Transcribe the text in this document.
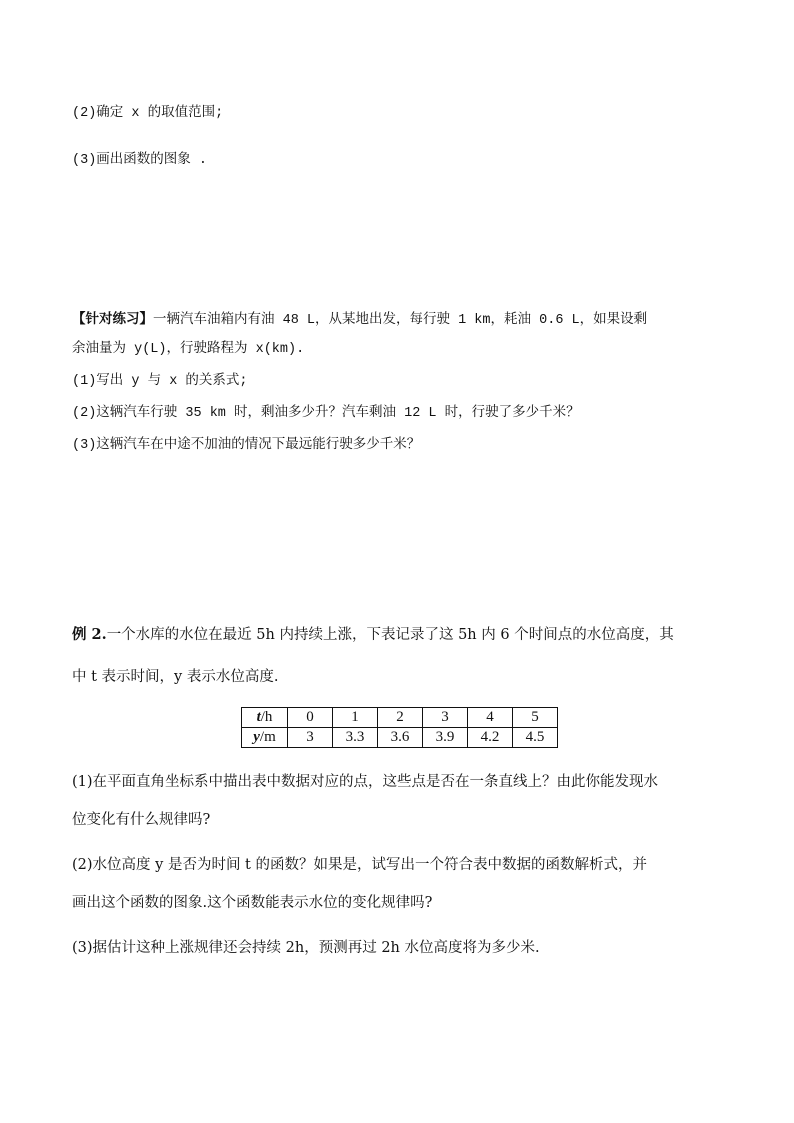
(2)确定 x 的取值范围;
(3)画出函数的图象 .
【针对练习】一辆汽车油箱内有油 48 L，从某地出发，每行驶 1 km，耗油 0.6 L，如果设剩
余油量为 y(L)，行驶路程为 x(km).
(1)写出 y 与 x 的关系式;
(2)这辆汽车行驶 35 km 时，剩油多少升？汽车剩油 12 L 时，行驶了多少千米？
(3)这辆汽车在中途不加油的情况下最远能行驶多少千米？
例 2.一个水库的水位在最近 5h 内持续上涨，下表记录了这 5h 内 6 个时间点的水位高度，其
中 t 表示时间，y 表示水位高度.
t/h	0	1	2	3	4	5
y/m	3	3.3	3.6	3.9	4.2	4.5
(1)在平面直角坐标系中描出表中数据对应的点，这些点是否在一条直线上？由此你能发现水
位变化有什么规律吗?
(2)水位高度 y 是否为时间 t 的函数？如果是，试写出一个符合表中数据的函数解析式，并
画出这个函数的图象.这个函数能表示水位的变化规律吗?
(3)据估计这种上涨规律还会持续 2h，预测再过 2h 水位高度将为多少米.
